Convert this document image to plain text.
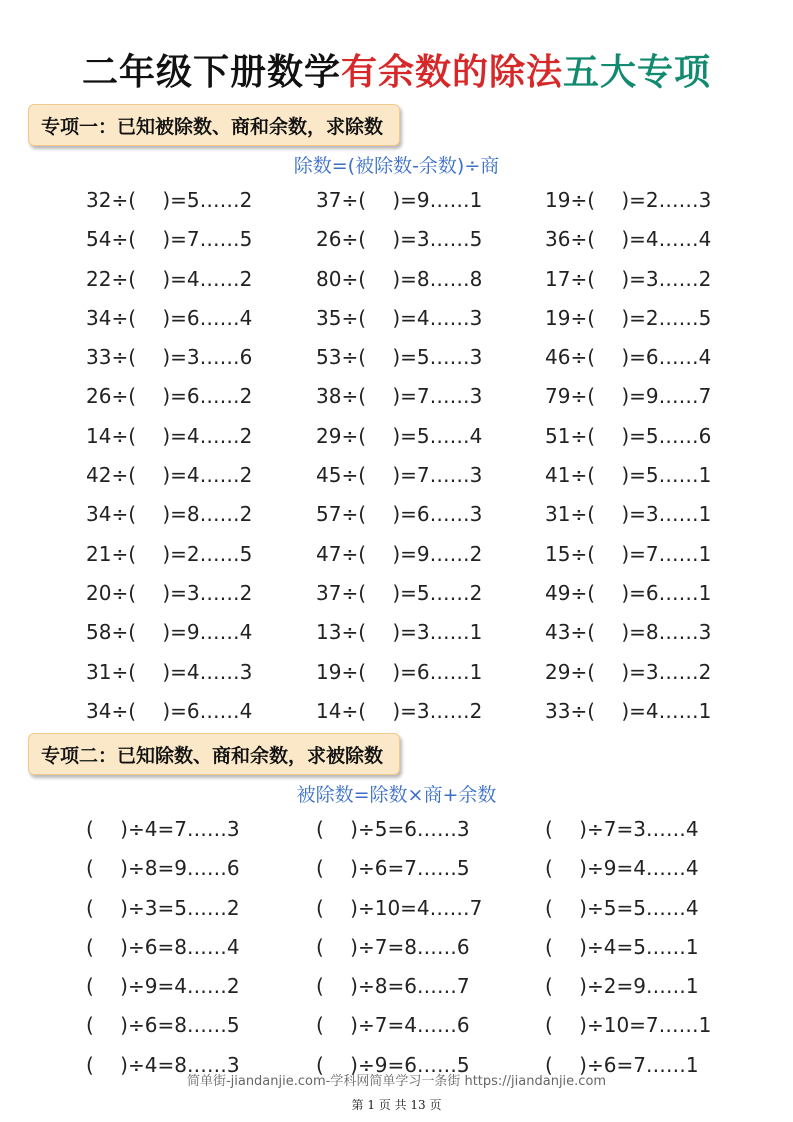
二年级下册数学有余数的除法五大专项
专项一：已知被除数、商和余数，求除数
除数=(被除数-余数)÷商
32÷(　 )=5……2	37÷(　 )=9……1	19÷(　 )=2……3
54÷(　 )=7……5	26÷(　 )=3……5	36÷(　 )=4……4
22÷(　 )=4……2	80÷(　 )=8……8	17÷(　 )=3……2
34÷(　 )=6……4	35÷(　 )=4……3	19÷(　 )=2……5
33÷(　 )=3……6	53÷(　 )=5……3	46÷(　 )=6……4
26÷(　 )=6……2	38÷(　 )=7……3	79÷(　 )=9……7
14÷(　 )=4……2	29÷(　 )=5……4	51÷(　 )=5……6
42÷(　 )=4……2	45÷(　 )=7……3	41÷(　 )=5……1
34÷(　 )=8……2	57÷(　 )=6……3	31÷(　 )=3……1
21÷(　 )=2……5	47÷(　 )=9……2	15÷(　 )=7……1
20÷(　 )=3……2	37÷(　 )=5……2	49÷(　 )=6……1
58÷(　 )=9……4	13÷(　 )=3……1	43÷(　 )=8……3
31÷(　 )=4……3	19÷(　 )=6……1	29÷(　 )=3……2
34÷(　 )=6……4	14÷(　 )=3……2	33÷(　 )=4……1
专项二：已知除数、商和余数，求被除数
被除数=除数×商+余数
(　 )÷4=7……3	(　 )÷5=6……3	(　 )÷7=3……4
(　 )÷8=9……6	(　 )÷6=7……5	(　 )÷9=4……4
(　 )÷3=5……2	(　 )÷10=4……7	(　 )÷5=5……4
(　 )÷6=8……4	(　 )÷7=8……6	(　 )÷4=5……1
(　 )÷9=4……2	(　 )÷8=6……7	(　 )÷2=9……1
(　 )÷6=8……5	(　 )÷7=4……6	(　 )÷10=7……1
(　 )÷4=8……3	(　 )÷9=6……5	(　 )÷6=7……1
简单街-jiandanjie.com-学科网简单学习一条街 https://jiandanjie.com
第 1 页 共 13 页
